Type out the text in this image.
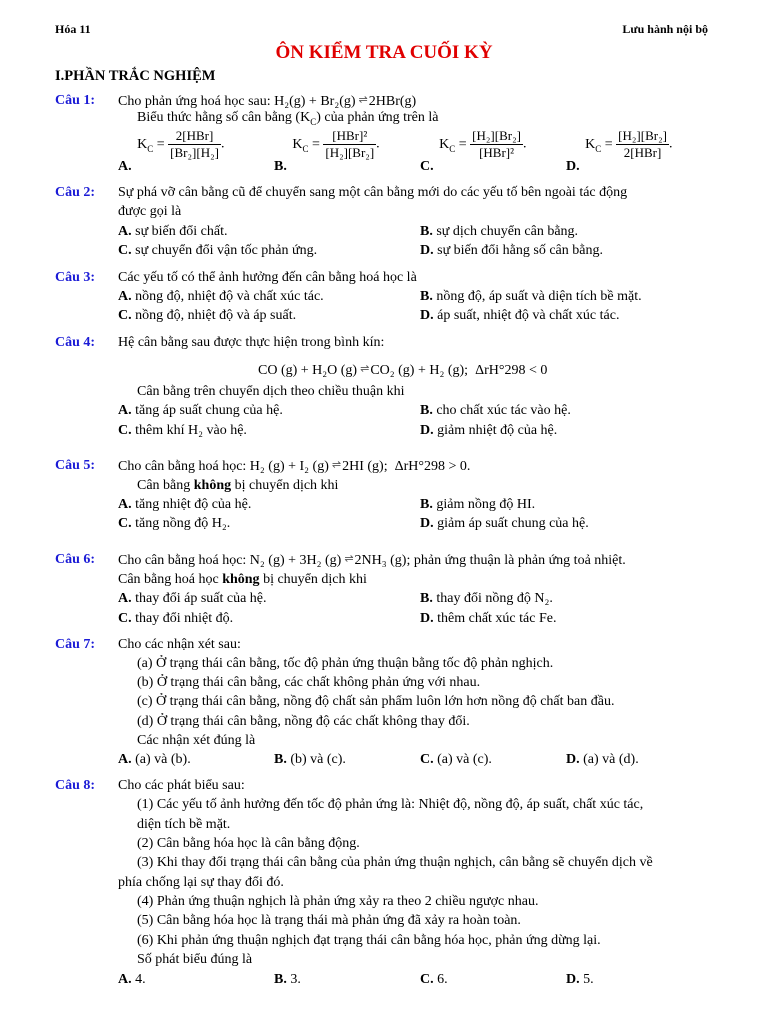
Hóa 11	Lưu hành nội bộ
ÔN KIỂM TRA CUỐI KỲ
I.PHẦN TRẮC NGHIỆM
Câu 1: Cho phản ứng hoá học sau: H₂(g) + Br₂(g) ⇌ 2HBr(g)
Biểu thức hằng số cân bằng $(K_C)$ của phản ứng trên là
A. $K_C = \frac{\text{2[HBr]}}{\text{[Br₂][H₂]}}$ .
B. $K_C = \frac{\text{[HBr]²}}{\text{[H₂][Br₂]}}$ .
C. $K_C = \frac{\text{[H₂][Br₂]}}{\text{[HBr]²}}$ .
D. $K_C = \frac{\text{[H₂][Br₂]}}{\text{2[HBr]}}$ .
Câu 2: Sự phá vỡ cân bằng cũ để chuyển sang một cân bằng mới do các yếu tố bên ngoài tác động
được gọi là
A. sự biến đổi chất.	B. sự dịch chuyển cân bằng.
C. sự chuyển đổi vận tốc phản ứng.	D. sự biến đổi hằng số cân bằng.
Câu 3: Các yếu tố có thể ảnh hưởng đến cân bằng hoá học là
A. nồng độ, nhiệt độ và chất xúc tác.	B. nồng độ, áp suất và diện tích bề mặt.
C. nồng độ, nhiệt độ và áp suất.	D. áp suất, nhiệt độ và chất xúc tác.
Câu 4: Hệ cân bằng sau được thực hiện trong bình kín:
CO (g) + H₂O (g) ⇌ CO₂ (g) + H₂ (g); ΔrH°298 < 0
Cân bằng trên chuyển dịch theo chiều thuận khi
A. tăng áp suất chung của hệ.	B. cho chất xúc tác vào hệ.
C. thêm khí H₂ vào hệ.	D. giảm nhiệt độ của hệ.
Câu 5: Cho cân bằng hoá học: H₂ (g) + I₂ (g) ⇌ 2HI (g); ΔrH°298 > 0.
Cân bằng không bị chuyển dịch khi
A. tăng nhiệt độ của hệ.	B. giảm nồng độ HI.
C. tăng nồng độ H₂.	D. giảm áp suất chung của hệ.
Câu 6: Cho cân bằng hoá học: N₂ (g) + 3H₂ (g) ⇌ 2NH₃ (g); phản ứng thuận là phản ứng toả nhiệt.
Cân bằng hoá học không bị chuyển dịch khi
A. thay đổi áp suất của hệ.	B. thay đổi nồng độ N₂.
C. thay đổi nhiệt độ.	D. thêm chất xúc tác Fe.
Câu 7: Cho các nhận xét sau:
(a) Ở trạng thái cân bằng, tốc độ phản ứng thuận bằng tốc độ phản nghịch.
(b) Ở trạng thái cân bằng, các chất không phản ứng với nhau.
(c) Ở trạng thái cân bằng, nồng độ chất sản phẩm luôn lớn hơn nồng độ chất ban đầu.
(d) Ở trạng thái cân bằng, nồng độ các chất không thay đổi.
Các nhận xét đúng là
A. (a) và (b).	B. (b) và (c).	C. (a) và (c).	D. (a) và (d).
Câu 8: Cho các phát biểu sau:
(1) Các yếu tố ảnh hưởng đến tốc độ phản ứng là: Nhiệt độ, nồng độ, áp suất, chất xúc tác,
diện tích bề mặt.
(2) Cân bằng hóa học là cân bằng động.
(3) Khi thay đổi trạng thái cân bằng của phản ứng thuận nghịch, cân bằng sẽ chuyển dịch về
phía chống lại sự thay đổi đó.
(4) Phản ứng thuận nghịch là phản ứng xảy ra theo 2 chiều ngược nhau.
(5) Cân bằng hóa học là trạng thái mà phản ứng đã xảy ra hoàn toàn.
(6) Khi phản ứng thuận nghịch đạt trạng thái cân bằng hóa học, phản ứng dừng lại.
Số phát biểu đúng là
A. 4.	B. 3.	C. 6.	D. 5.
